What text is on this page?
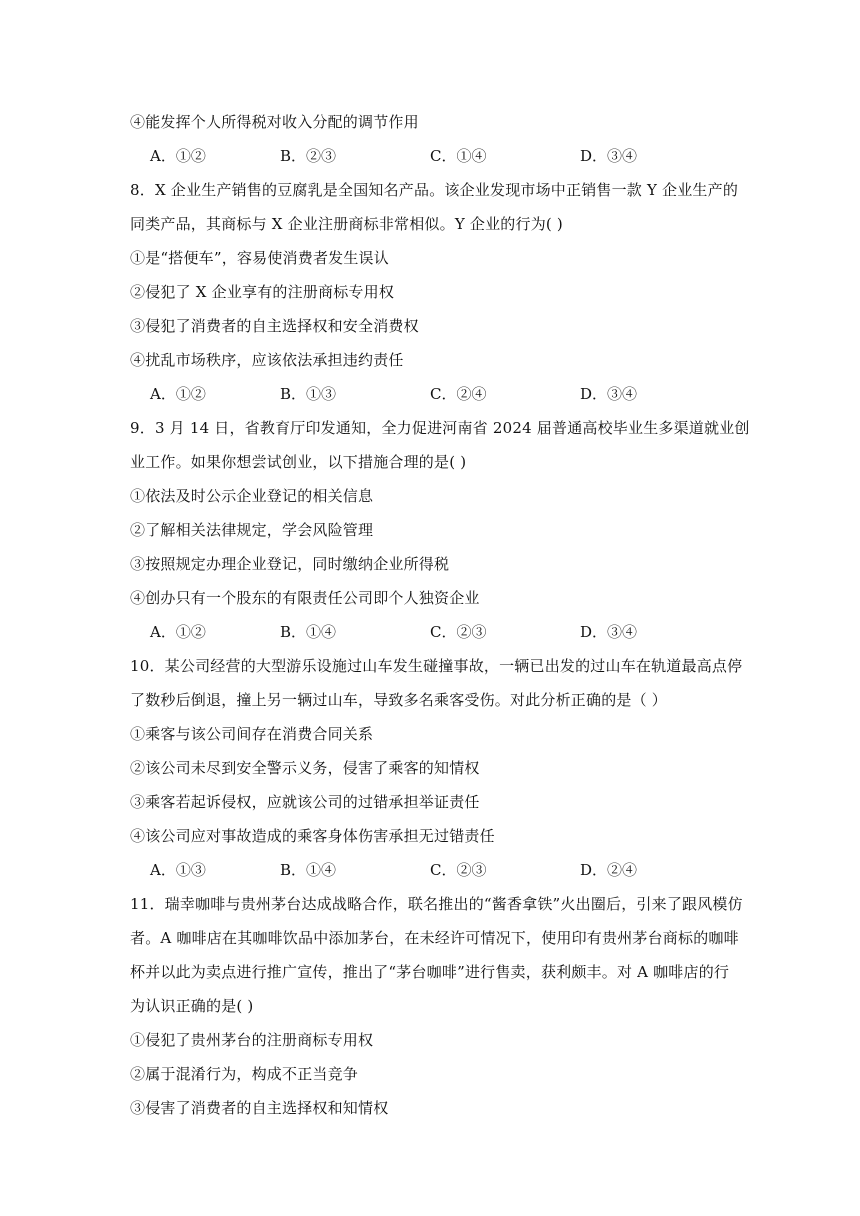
④能发挥个人所得税对收入分配的调节作用
A．①②	B．②③	C．①④	D．③④
8．X 企业生产销售的豆腐乳是全国知名产品。该企业发现市场中正销售一款 Y 企业生产的
同类产品，其商标与 X 企业注册商标非常相似。Y 企业的行为( )
①是“搭便车”，容易使消费者发生误认
②侵犯了 X 企业享有的注册商标专用权
③侵犯了消费者的自主选择权和安全消费权
④扰乱市场秩序，应该依法承担违约责任
A．①②	B．①③	C．②④	D．③④
9．3 月 14 日，省教育厅印发通知，全力促进河南省 2024 届普通高校毕业生多渠道就业创
业工作。如果你想尝试创业，以下措施合理的是( )
①依法及时公示企业登记的相关信息
②了解相关法律规定，学会风险管理
③按照规定办理企业登记，同时缴纳企业所得税
④创办只有一个股东的有限责任公司即个人独资企业
A．①②	B．①④	C．②③	D．③④
10．某公司经营的大型游乐设施过山车发生碰撞事故，一辆已出发的过山车在轨道最高点停
了数秒后倒退，撞上另一辆过山车，导致多名乘客受伤。对此分析正确的是（ ）
①乘客与该公司间存在消费合同关系
②该公司未尽到安全警示义务，侵害了乘客的知情权
③乘客若起诉侵权，应就该公司的过错承担举证责任
④该公司应对事故造成的乘客身体伤害承担无过错责任
A．①③	B．①④	C．②③	D．②④
11．瑞幸咖啡与贵州茅台达成战略合作，联名推出的“酱香拿铁”火出圈后，引来了跟风模仿
者。A 咖啡店在其咖啡饮品中添加茅台，在未经许可情况下，使用印有贵州茅台商标的咖啡
杯并以此为卖点进行推广宣传，推出了“茅台咖啡”进行售卖，获利颇丰。对 A 咖啡店的行
为认识正确的是( )
①侵犯了贵州茅台的注册商标专用权
②属于混淆行为，构成不正当竞争
③侵害了消费者的自主选择权和知情权
